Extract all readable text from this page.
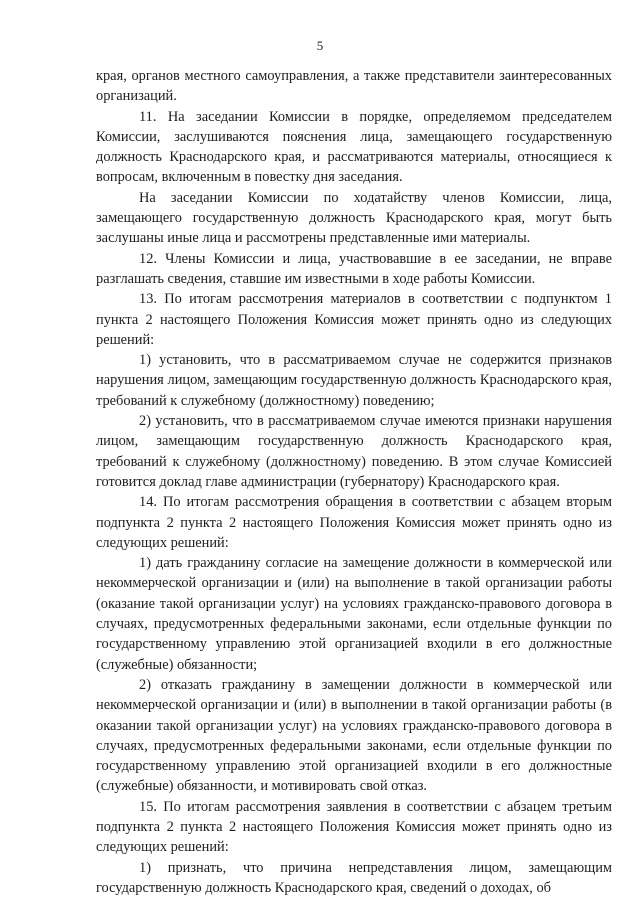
5

края, органов местного самоуправления, а также представители заинтересованных организаций.

11. На заседании Комиссии в порядке, определяемом председателем Комиссии, заслушиваются пояснения лица, замещающего государственную должность Краснодарского края, и рассматриваются материалы, относящиеся к вопросам, включенным в повестку дня заседания.

На заседании Комиссии по ходатайству членов Комиссии, лица, замещающего государственную должность Краснодарского края, могут быть заслушаны иные лица и рассмотрены представленные ими материалы.

12. Члены Комиссии и лица, участвовавшие в ее заседании, не вправе разглашать сведения, ставшие им известными в ходе работы Комиссии.

13. По итогам рассмотрения материалов в соответствии с подпунктом 1 пункта 2 настоящего Положения Комиссия может принять одно из следующих решений:

1) установить, что в рассматриваемом случае не содержится признаков нарушения лицом, замещающим государственную должность Краснодарского края, требований к служебному (должностному) поведению;

2) установить, что в рассматриваемом случае имеются признаки нарушения лицом, замещающим государственную должность Краснодарского края, требований к служебному (должностному) поведению. В этом случае Комиссией готовится доклад главе администрации (губернатору) Краснодарского края.

14. По итогам рассмотрения обращения в соответствии с абзацем вторым подпункта 2 пункта 2 настоящего Положения Комиссия может принять одно из следующих решений:

1) дать гражданину согласие на замещение должности в коммерческой или некоммерческой организации и (или) на выполнение в такой организации работы (оказание такой организации услуг) на условиях гражданско-правового договора в случаях, предусмотренных федеральными законами, если отдельные функции по государственному управлению этой организацией входили в его должностные (служебные) обязанности;

2) отказать гражданину в замещении должности в коммерческой или некоммерческой организации и (или) в выполнении в такой организации работы (в оказании такой организации услуг) на условиях гражданско-правового договора в случаях, предусмотренных федеральными законами, если отдельные функции по государственному управлению этой организацией входили в его должностные (служебные) обязанности, и мотивировать свой отказ.

15. По итогам рассмотрения заявления в соответствии с абзацем третьим подпункта 2 пункта 2 настоящего Положения Комиссия может принять одно из следующих решений:

1) признать, что причина непредставления лицом, замещающим государственную должность Краснодарского края, сведений о доходах, об
